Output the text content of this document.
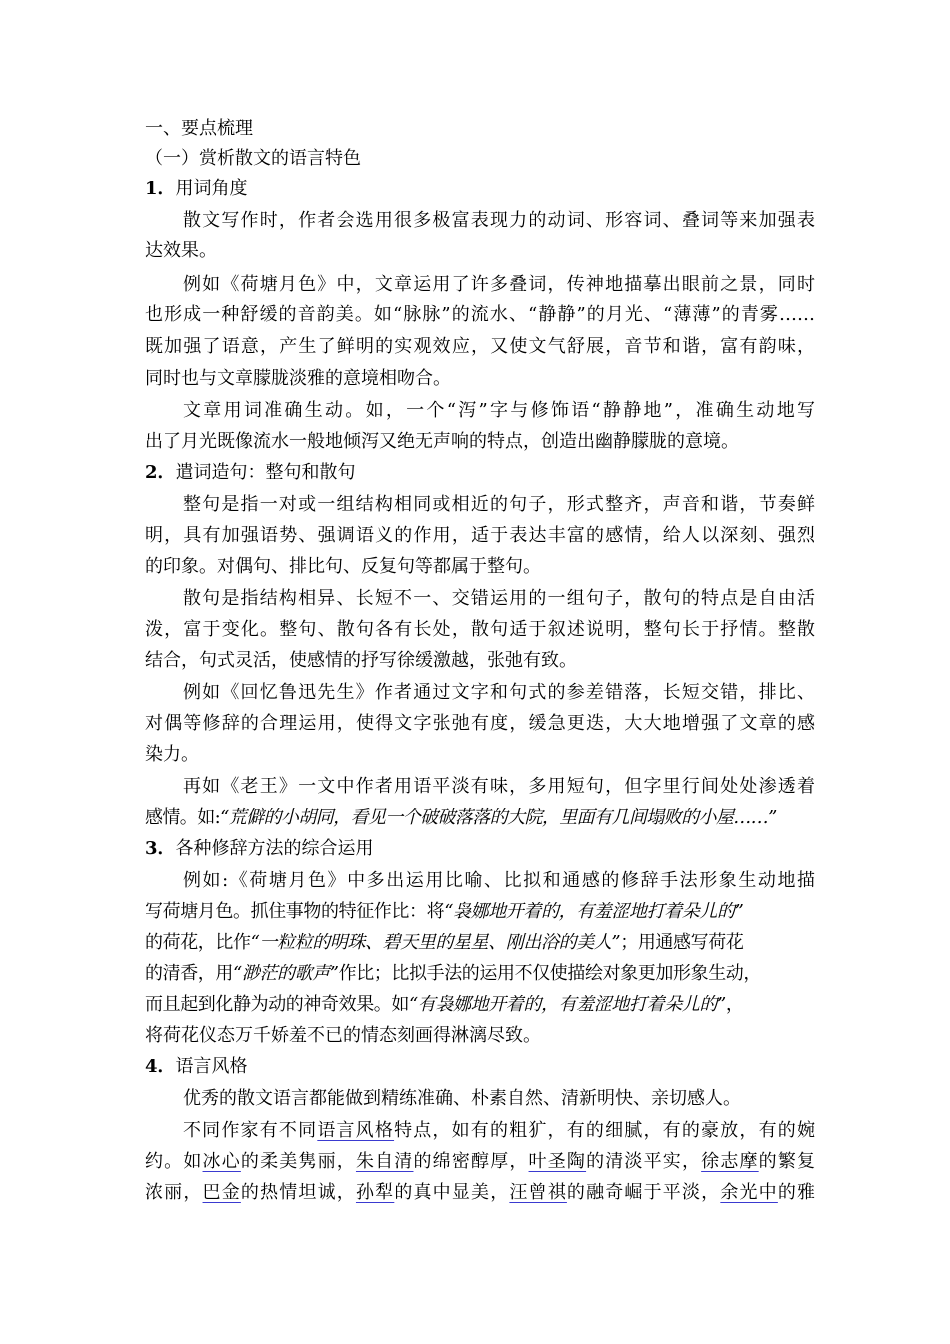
一、要点梳理
（一）赏析散文的语言特色
1．用词角度
散文写作时，作者会选用很多极富表现力的动词、形容词、叠词等来加强表
达效果。
例如《荷塘月色》中，文章运用了许多叠词，传神地描摹出眼前之景，同时
也形成一种舒缓的音韵美。如“脉脉”的流水、“静静”的月光、“薄薄”的青雾……
既加强了语意，产生了鲜明的实观效应，又使文气舒展，音节和谐，富有韵味，
同时也与文章朦胧淡雅的意境相吻合。
文章用词准确生动。如，一个“泻”字与修饰语“静静地”，准确生动地写
出了月光既像流水一般地倾泻又绝无声响的特点，创造出幽静朦胧的意境。
2．遣词造句：整句和散句
整句是指一对或一组结构相同或相近的句子，形式整齐，声音和谐，节奏鲜
明，具有加强语势、强调语义的作用，适于表达丰富的感情，给人以深刻、强烈
的印象。对偶句、排比句、反复句等都属于整句。
散句是指结构相异、长短不一、交错运用的一组句子，散句的特点是自由活
泼，富于变化。整句、散句各有长处，散句适于叙述说明，整句长于抒情。整散
结合，句式灵活，使感情的抒写徐缓激越，张弛有致。
例如《回忆鲁迅先生》作者通过文字和句式的参差错落，长短交错，排比、
对偶等修辞的合理运用，使得文字张弛有度，缓急更迭，大大地增强了文章的感
染力。
再如《老王》一文中作者用语平淡有味，多用短句，但字里行间处处渗透着
感情。如:“荒僻的小胡同，看见一个破破落落的大院，里面有几间塌败的小屋……”
3．各种修辞方法的综合运用
例如:《荷塘月色》中多出运用比喻、比拟和通感的修辞手法形象生动地描
写荷塘月色。抓住事物的特征作比：将“袅娜地开着的，有羞涩地打着朵儿的”
的荷花，比作“一粒粒的明珠、碧天里的星星、刚出浴的美人”；用通感写荷花
的清香，用“渺茫的歌声”作比；比拟手法的运用不仅使描绘对象更加形象生动，
而且起到化静为动的神奇效果。如“有袅娜地开着的，有羞涩地打着朵儿的”，
将荷花仪态万千娇羞不已的情态刻画得淋漓尽致。
4．语言风格
优秀的散文语言都能做到精练准确、朴素自然、清新明快、亲切感人。
不同作家有不同语言风格特点，如有的粗犷，有的细腻，有的豪放，有的婉
约。如冰心的柔美隽丽，朱自清的绵密醇厚，叶圣陶的清淡平实，徐志摩的繁复
浓丽，巴金的热情坦诚，孙犁的真中显美，汪曾祺的融奇崛于平淡，余光中的雅
